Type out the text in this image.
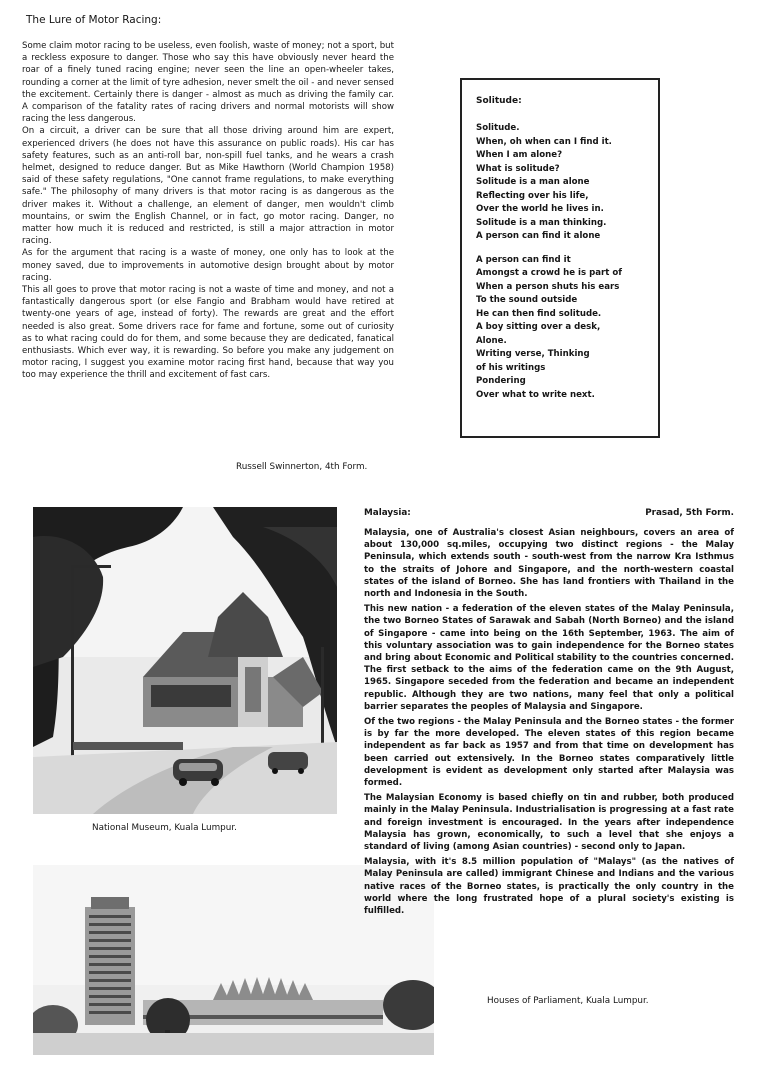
The Lure of Motor Racing:

Some claim motor racing to be useless, even foolish, waste of money; not a sport, but a reckless exposure to danger. Those who say this have obviously never heard the roar of a finely tuned racing engine; never seen the line an open-wheeler takes, rounding a corner at the limit of tyre adhesion, never smelt the oil - and never sensed the excitement. Certainly there is danger - almost as much as driving the family car. A comparison of the fatality rates of racing drivers and normal motorists will show racing the less dangerous.

On a circuit, a driver can be sure that all those driving around him are expert, experienced drivers (he does not have this assurance on public roads). His car has safety features, such as an anti-roll bar, non-spill fuel tanks, and he wears a crash helmet, designed to reduce danger. But as Mike Hawthorn (World Champion 1958) said of these safety regulations, "One cannot frame regulations, to make everything safe." The philosophy of many drivers is that motor racing is as dangerous as the driver makes it. Without a challenge, an element of danger, men wouldn't climb mountains, or swim the English Channel, or in fact, go motor racing. Danger, no matter how much it is reduced and restricted, is still a major attraction in motor racing.

As for the argument that racing is a waste of money, one only has to look at the money saved, due to improvements in automotive design brought about by motor racing.

This all goes to prove that motor racing is not a waste of time and money, and not a fantastically dangerous sport (or else Fangio and Brabham would have retired at twenty-one years of age, instead of forty). The rewards are great and the effort needed is also great. Some drivers race for fame and fortune, some out of curiosity as to what racing could do for them, and some because they are dedicated, fanatical enthusiasts. Which ever way, it is rewarding. So before you make any judgement on motor racing, I suggest you examine motor racing first hand, because that way you too may experience the thrill and excitement of fast cars.

Russell Swinnerton, 4th Form.
Solitude:
Solitude.
When, oh when can I find it.
When I am alone?
What is solitude?
Solitude is a man alone
Reflecting over his life,
Over the world he lives in.
Solitude is a man thinking.
A person can find it alone
A person can find it
Amongst a crowd he is part of
When a person shuts his ears
To the sound outside
He can then find solitude.
A boy sitting over a desk,
Alone.
Writing verse, Thinking
of his writings
Pondering
Over what to write next.
National Museum, Kuala Lumpur.
Houses of Parliament, Kuala Lumpur.
Malaysia:	Prasad, 5th Form.

Malaysia, one of Australia's closest Asian neighbours, covers an area of about 130,000 sq.miles, occupying two distinct regions - the Malay Peninsula, which extends south - south-west from the narrow Kra Isthmus to the straits of Johore and Singapore, and the north-western coastal states of the island of Borneo. She has land frontiers with Thailand in the north and Indonesia in the South.

This new nation - a federation of the eleven states of the Malay Peninsula, the two Borneo States of Sarawak and Sabah (North Borneo) and the island of Singapore - came into being on the 16th September, 1963. The aim of this voluntary association was to gain independence for the Borneo states and bring about Economic and Political stability to the countries concerned. The first setback to the aims of the federation came on the 9th August, 1965. Singapore seceded from the federation and became an independent republic. Although they are two nations, many feel that only a political barrier separates the peoples of Malaysia and Singapore.

Of the two regions - the Malay Peninsula and the Borneo states - the former is by far the more developed. The eleven states of this region became independent as far back as 1957 and from that time on development has been carried out extensively. In the Borneo states comparatively little development is evident as development only started after Malaysia was formed.

The Malaysian Economy is based chiefly on tin and rubber, both produced mainly in the Malay Peninsula. Industrialisation is progressing at a fast rate and foreign investment is encouraged. In the years after independence Malaysia has grown, economically, to such a level that she enjoys a standard of living (among Asian countries) - second only to Japan.

Malaysia, with it's 8.5 million population of "Malays" (as the natives of Malay Peninsula are called) immigrant Chinese and Indians and the various native races of the Borneo states, is practically the only country in the world where the long frustrated hope of a plural society's existing is fulfilled.
